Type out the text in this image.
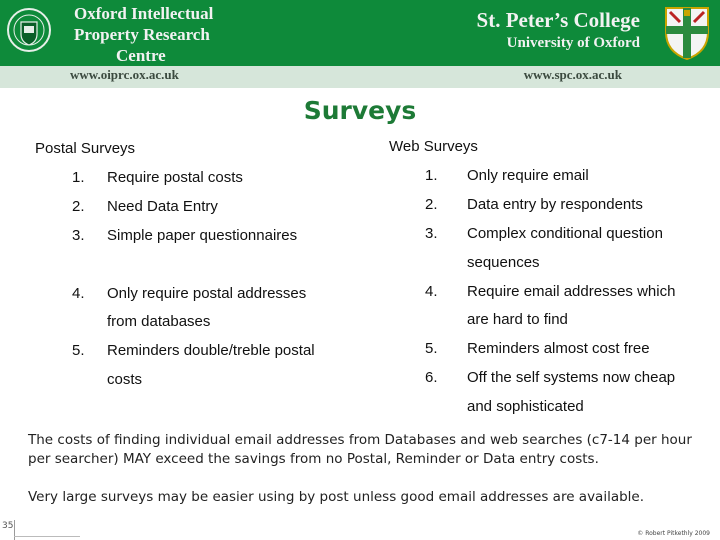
Oxford Intellectual
Property Research
Centre
St. Peter’s College
University of Oxford
www.oiprc.ox.ac.uk	www.spc.ox.ac.uk
Surveys
Postal Surveys
1. Require postal costs
2. Need Data Entry
3. Simple paper questionnaires
4. Only require postal addresses
from databases
5. Reminders double/treble postal
costs
Web Surveys
1. Only require email
2. Data entry by respondents
3. Complex conditional question
sequences
4. Require email addresses which
are hard to find
5. Reminders almost cost free
6. Off the self systems now cheap
and sophisticated
The costs of finding individual email addresses from Databases and web searches (c7-14 per hour per searcher) MAY exceed the savings from no Postal, Reminder or Data entry costs.
Very large surveys may be easier using by post unless good email addresses are available.
35
© Robert Pitkethly 2009
